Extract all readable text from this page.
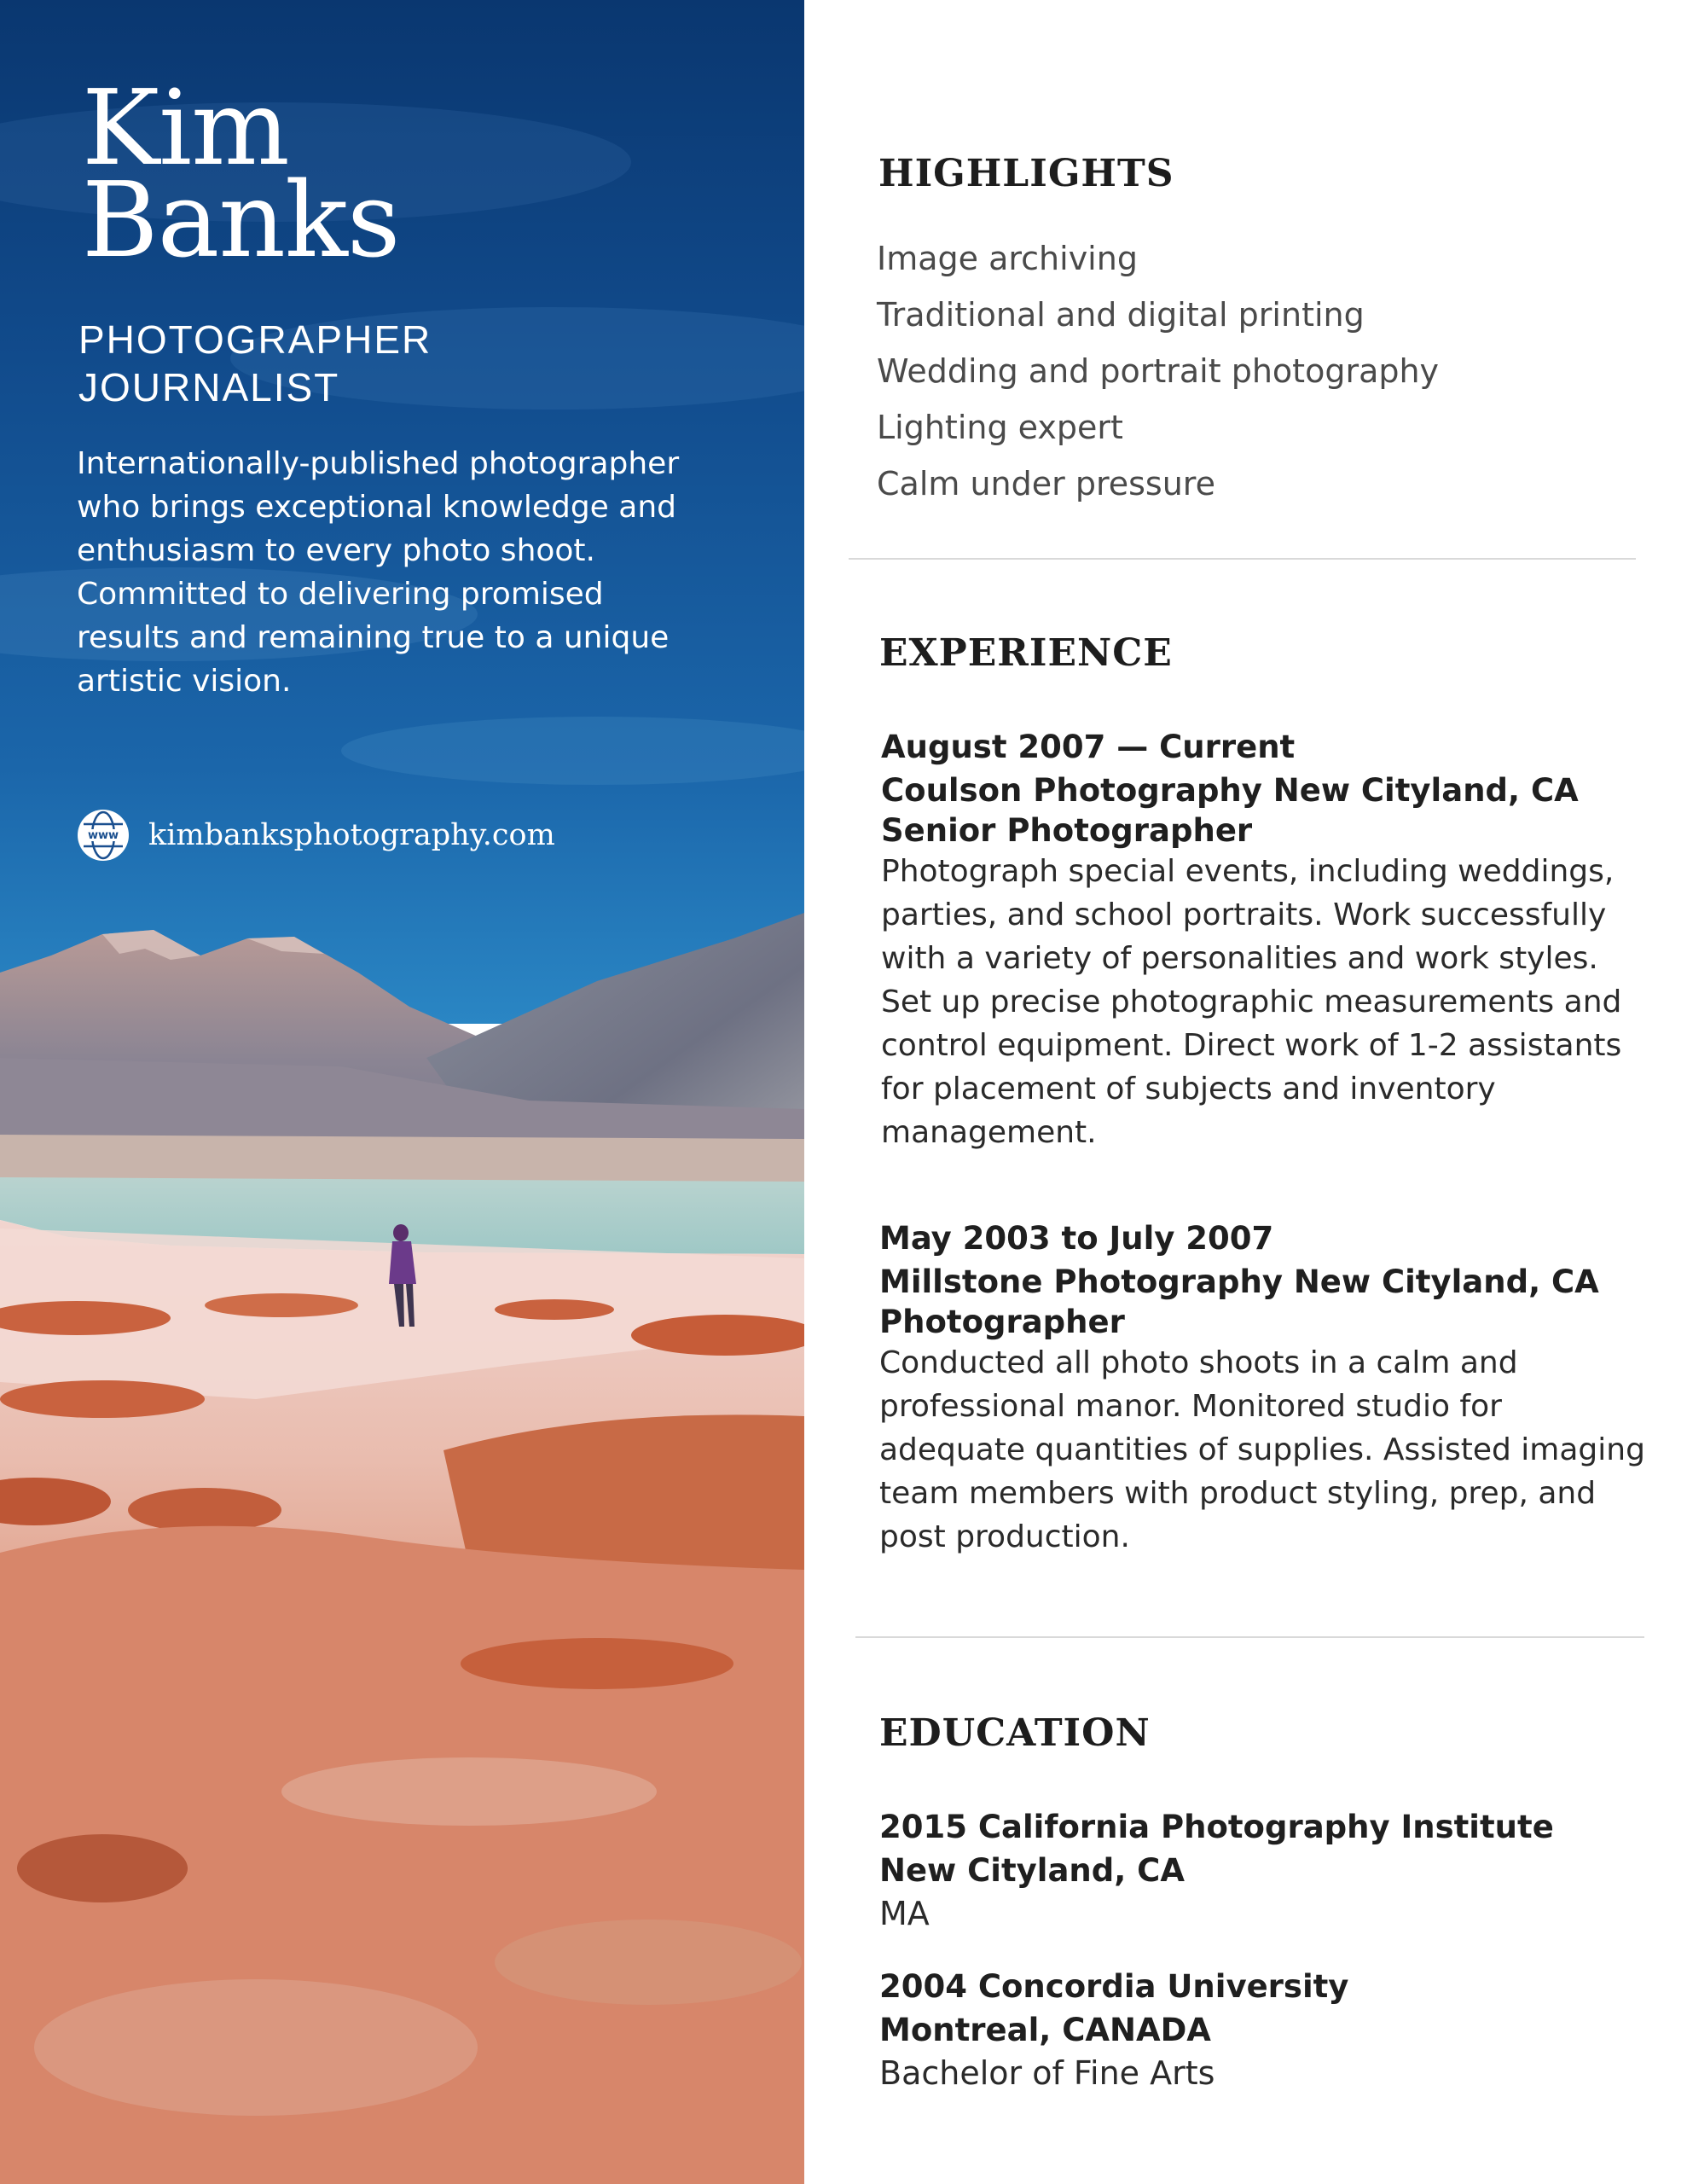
Kim
Banks

PHOTOGRAPHER

JOURNALIST

Internationally-published photographer who brings exceptional knowledge and enthusiasm to every photo shoot. Committed to delivering promised results and remaining true to a unique artistic vision.

www kimbanksphotography.com
HIGHLIGHTS
Image archiving
Traditional and digital printing
Wedding and portrait photography
Lighting expert
Calm under pressure
EXPERIENCE
August 2007 — Current
Coulson Photography New Cityland, CA
Senior Photographer

Photograph special events, including weddings, parties, and school portraits. Work successfully with a variety of personalities and work styles. Set up precise photographic measurements and control equipment. Direct work of 1-2 assistants for placement of subjects and inventory management.

May 2003 to July 2007
Millstone Photography New Cityland, CA
Photographer

Conducted all photo shoots in a calm and professional manor. Monitored studio for adequate quantities of supplies. Assisted imaging team members with product styling, prep, and post production.

EDUCATION
2015 California Photography Institute
New Cityland, CA
MA
2004 Concordia University
Montreal, CANADA
Bachelor of Fine Arts
